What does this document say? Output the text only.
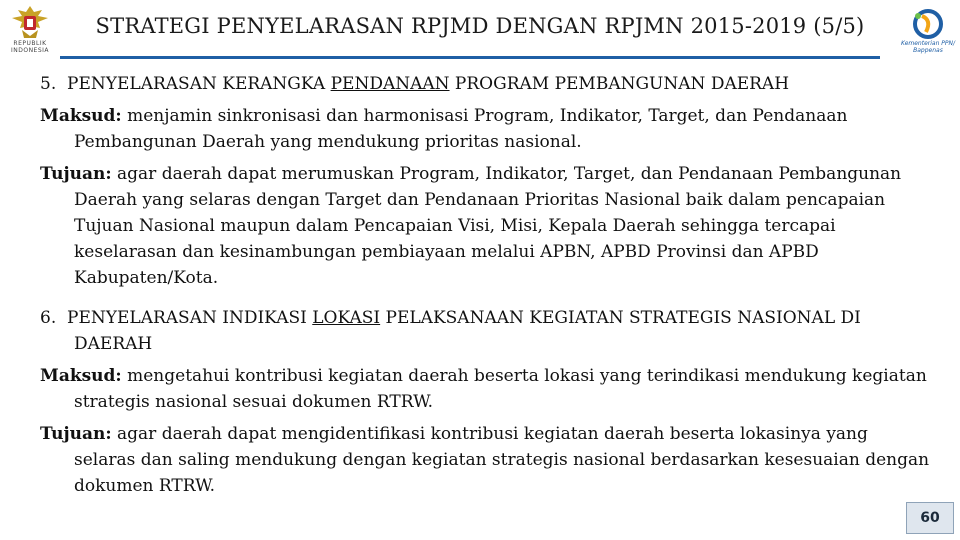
REPUBLIK
INDONESIA
STRATEGI PENYELARASAN RPJMD DENGAN RPJMN 2015-2019 (5/5)
Kementerian PPN/
Bappenas
5. PENYELARASAN KERANGKA PENDANAAN PROGRAM PEMBANGUNAN DAERAH
Maksud: menjamin sinkronisasi dan harmonisasi Program, Indikator, Target, dan Pendanaan Pembangunan Daerah yang mendukung prioritas nasional.
Tujuan: agar daerah dapat merumuskan Program, Indikator, Target, dan Pendanaan Pembangunan Daerah yang selaras dengan Target dan Pendanaan Prioritas Nasional baik dalam pencapaian Tujuan Nasional maupun dalam Pencapaian Visi, Misi, Kepala Daerah sehingga tercapai keselarasan dan kesinambungan pembiayaan melalui APBN, APBD Provinsi dan APBD Kabupaten/Kota.
6. PENYELARASAN INDIKASI LOKASI PELAKSANAAN KEGIATAN STRATEGIS NASIONAL DI DAERAH
Maksud: mengetahui kontribusi kegiatan daerah beserta lokasi yang terindikasi mendukung kegiatan strategis nasional sesuai dokumen RTRW.
Tujuan: agar daerah dapat mengidentifikasi kontribusi kegiatan daerah beserta lokasinya yang selaras dan saling mendukung dengan kegiatan strategis nasional berdasarkan kesesuaian dengan dokumen RTRW.
60
